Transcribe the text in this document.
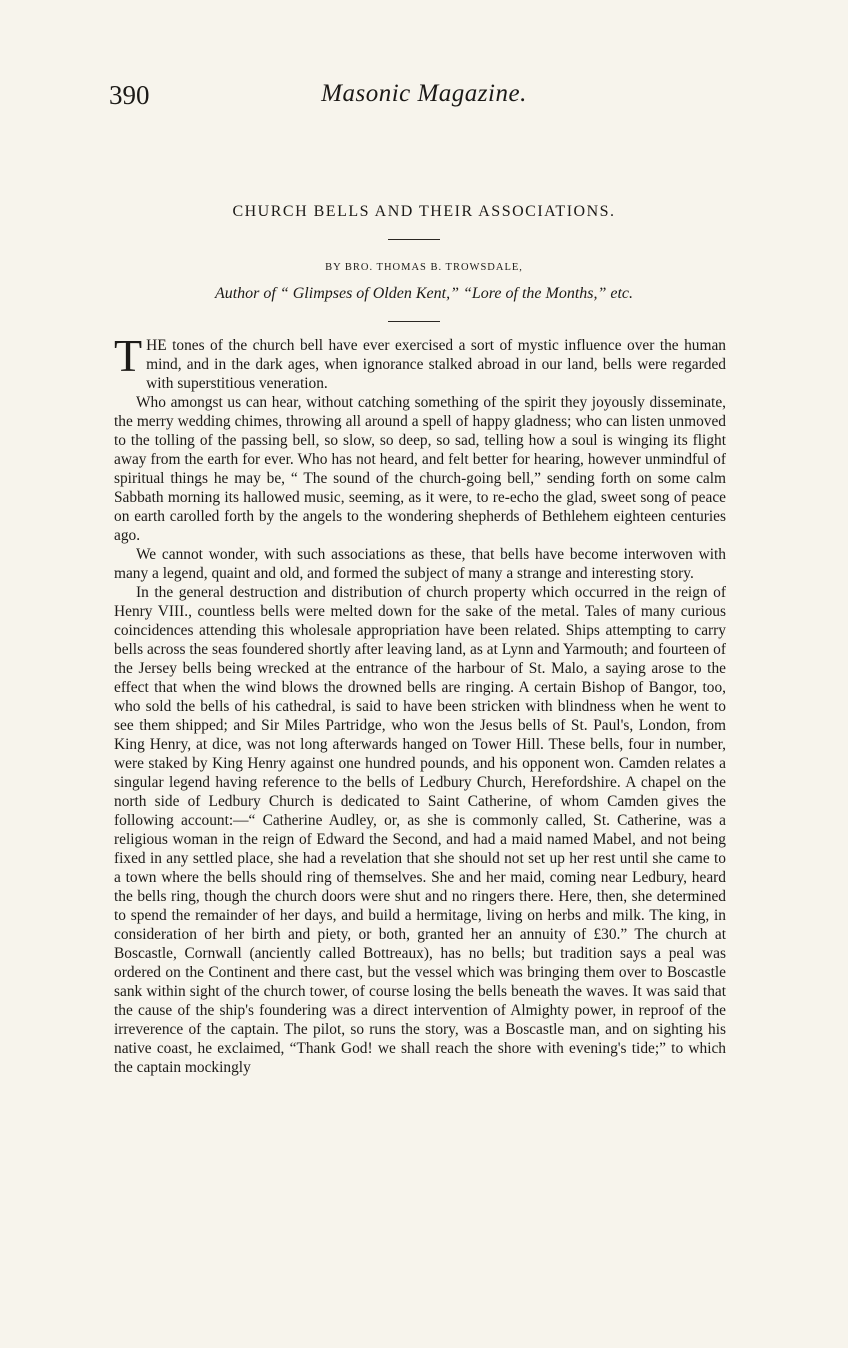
390	Masonic Magazine.
CHURCH BELLS AND THEIR ASSOCIATIONS.
BY BRO. THOMAS B. TROWSDALE,
Author of “ Glimpses of Olden Kent,” “Lore of the Months,” etc.

THE tones of the church bell have ever exercised a sort of mystic influence over the human mind, and in the dark ages, when ignorance stalked abroad in our land, bells were regarded with superstitious veneration.

Who amongst us can hear, without catching something of the spirit they joyously disseminate, the merry wedding chimes, throwing all around a spell of happy gladness; who can listen unmoved to the tolling of the passing bell, so slow, so deep, so sad, telling how a soul is winging its flight away from the earth for ever. Who has not heard, and felt better for hearing, however unmindful of spiritual things he may be, “ The sound of the church-going bell,” sending forth on some calm Sabbath morning its hallowed music, seeming, as it were, to re-echo the glad, sweet song of peace on earth carolled forth by the angels to the wondering shepherds of Bethlehem eighteen centuries ago.

We cannot wonder, with such associations as these, that bells have become interwoven with many a legend, quaint and old, and formed the subject of many a strange and interesting story.

In the general destruction and distribution of church property which occurred in the reign of Henry VIII., countless bells were melted down for the sake of the metal. Tales of many curious coincidences attending this wholesale appropriation have been related. Ships attempting to carry bells across the seas foundered shortly after leaving land, as at Lynn and Yarmouth; and fourteen of the Jersey bells being wrecked at the entrance of the harbour of St. Malo, a saying arose to the effect that when the wind blows the drowned bells are ringing. A certain Bishop of Bangor, too, who sold the bells of his cathedral, is said to have been stricken with blindness when he went to see them shipped; and Sir Miles Partridge, who won the Jesus bells of St. Paul's, London, from King Henry, at dice, was not long afterwards hanged on Tower Hill. These bells, four in number, were staked by King Henry against one hundred pounds, and his opponent won. Camden relates a singular legend having reference to the bells of Ledbury Church, Herefordshire. A chapel on the north side of Ledbury Church is dedicated to Saint Catherine, of whom Camden gives the following account:—“ Catherine Audley, or, as she is commonly called, St. Catherine, was a religious woman in the reign of Edward the Second, and had a maid named Mabel, and not being fixed in any settled place, she had a revelation that she should not set up her rest until she came to a town where the bells should ring of themselves. She and her maid, coming near Ledbury, heard the bells ring, though the church doors were shut and no ringers there. Here, then, she determined to spend the remainder of her days, and build a hermitage, living on herbs and milk. The king, in consideration of her birth and piety, or both, granted her an annuity of £30.” The church at Boscastle, Cornwall (anciently called Bottreaux), has no bells; but tradition says a peal was ordered on the Continent and there cast, but the vessel which was bringing them over to Boscastle sank within sight of the church tower, of course losing the bells beneath the waves. It was said that the cause of the ship's foundering was a direct intervention of Almighty power, in reproof of the irreverence of the captain. The pilot, so runs the story, was a Boscastle man, and on sighting his native coast, he exclaimed, “Thank God! we shall reach the shore with evening's tide;” to which the captain mockingly
